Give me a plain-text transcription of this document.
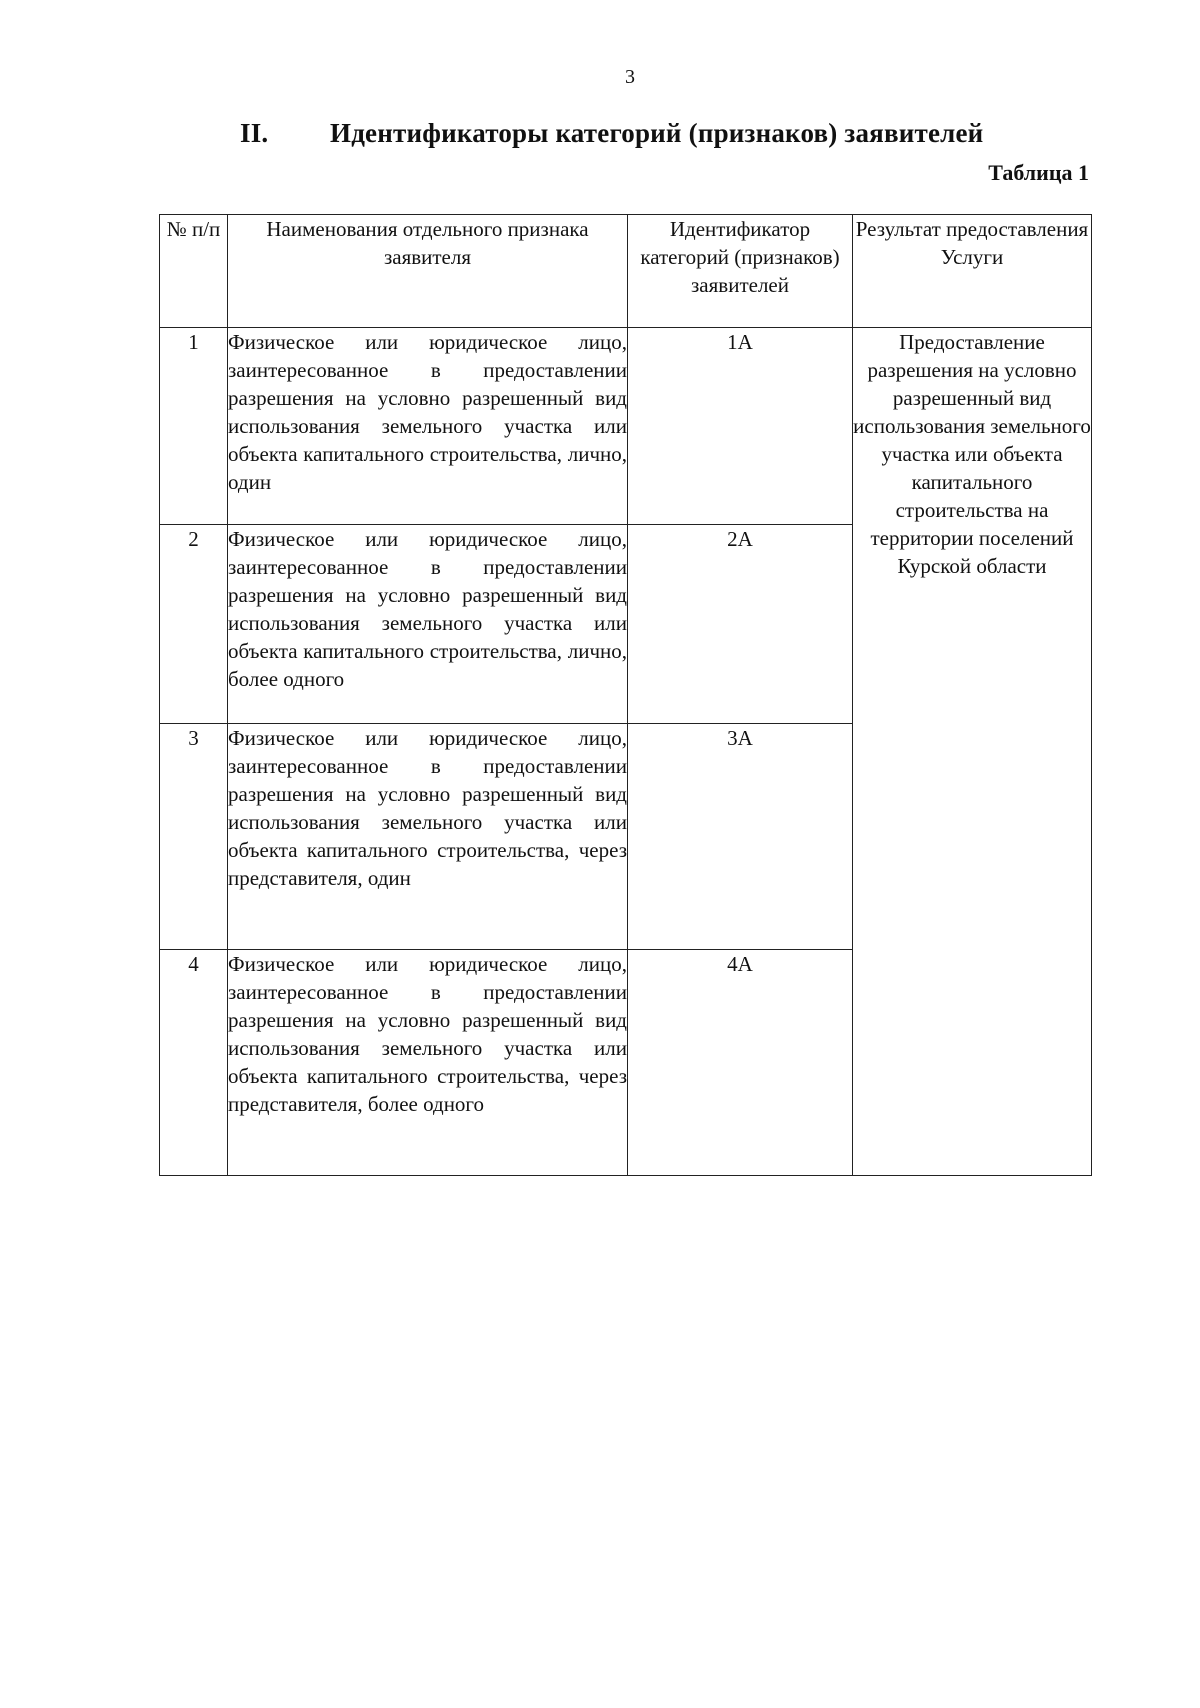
3
II. Идентификаторы категорий (признаков) заявителей
Таблица 1
№ п/п	Наименования отдельного признака заявителя	Идентификатор категорий (признаков) заявителей	Результат предоставления Услуги
1	Физическое или юридическое лицо, заинтересованное в предоставлении разрешения на условно разрешенный вид использования земельного участка или объекта капитального строительства, лично, один	1А	Предоставление разрешения на условно разрешенный вид использования земельного участка или объекта капитального строительства на территории поселений Курской области
2	Физическое или юридическое лицо, заинтересованное в предоставлении разрешения на условно разрешенный вид использования земельного участка или объекта капитального строительства, лично, более одного	2А	
3	Физическое или юридическое лицо, заинтересованное в предоставлении разрешения на условно разрешенный вид использования земельного участка или объекта капитального строительства, через представителя, один	3А	
4	Физическое или юридическое лицо, заинтересованное в предоставлении разрешения на условно разрешенный вид использования земельного участка или объекта капитального строительства, через представителя, более одного	4А	
